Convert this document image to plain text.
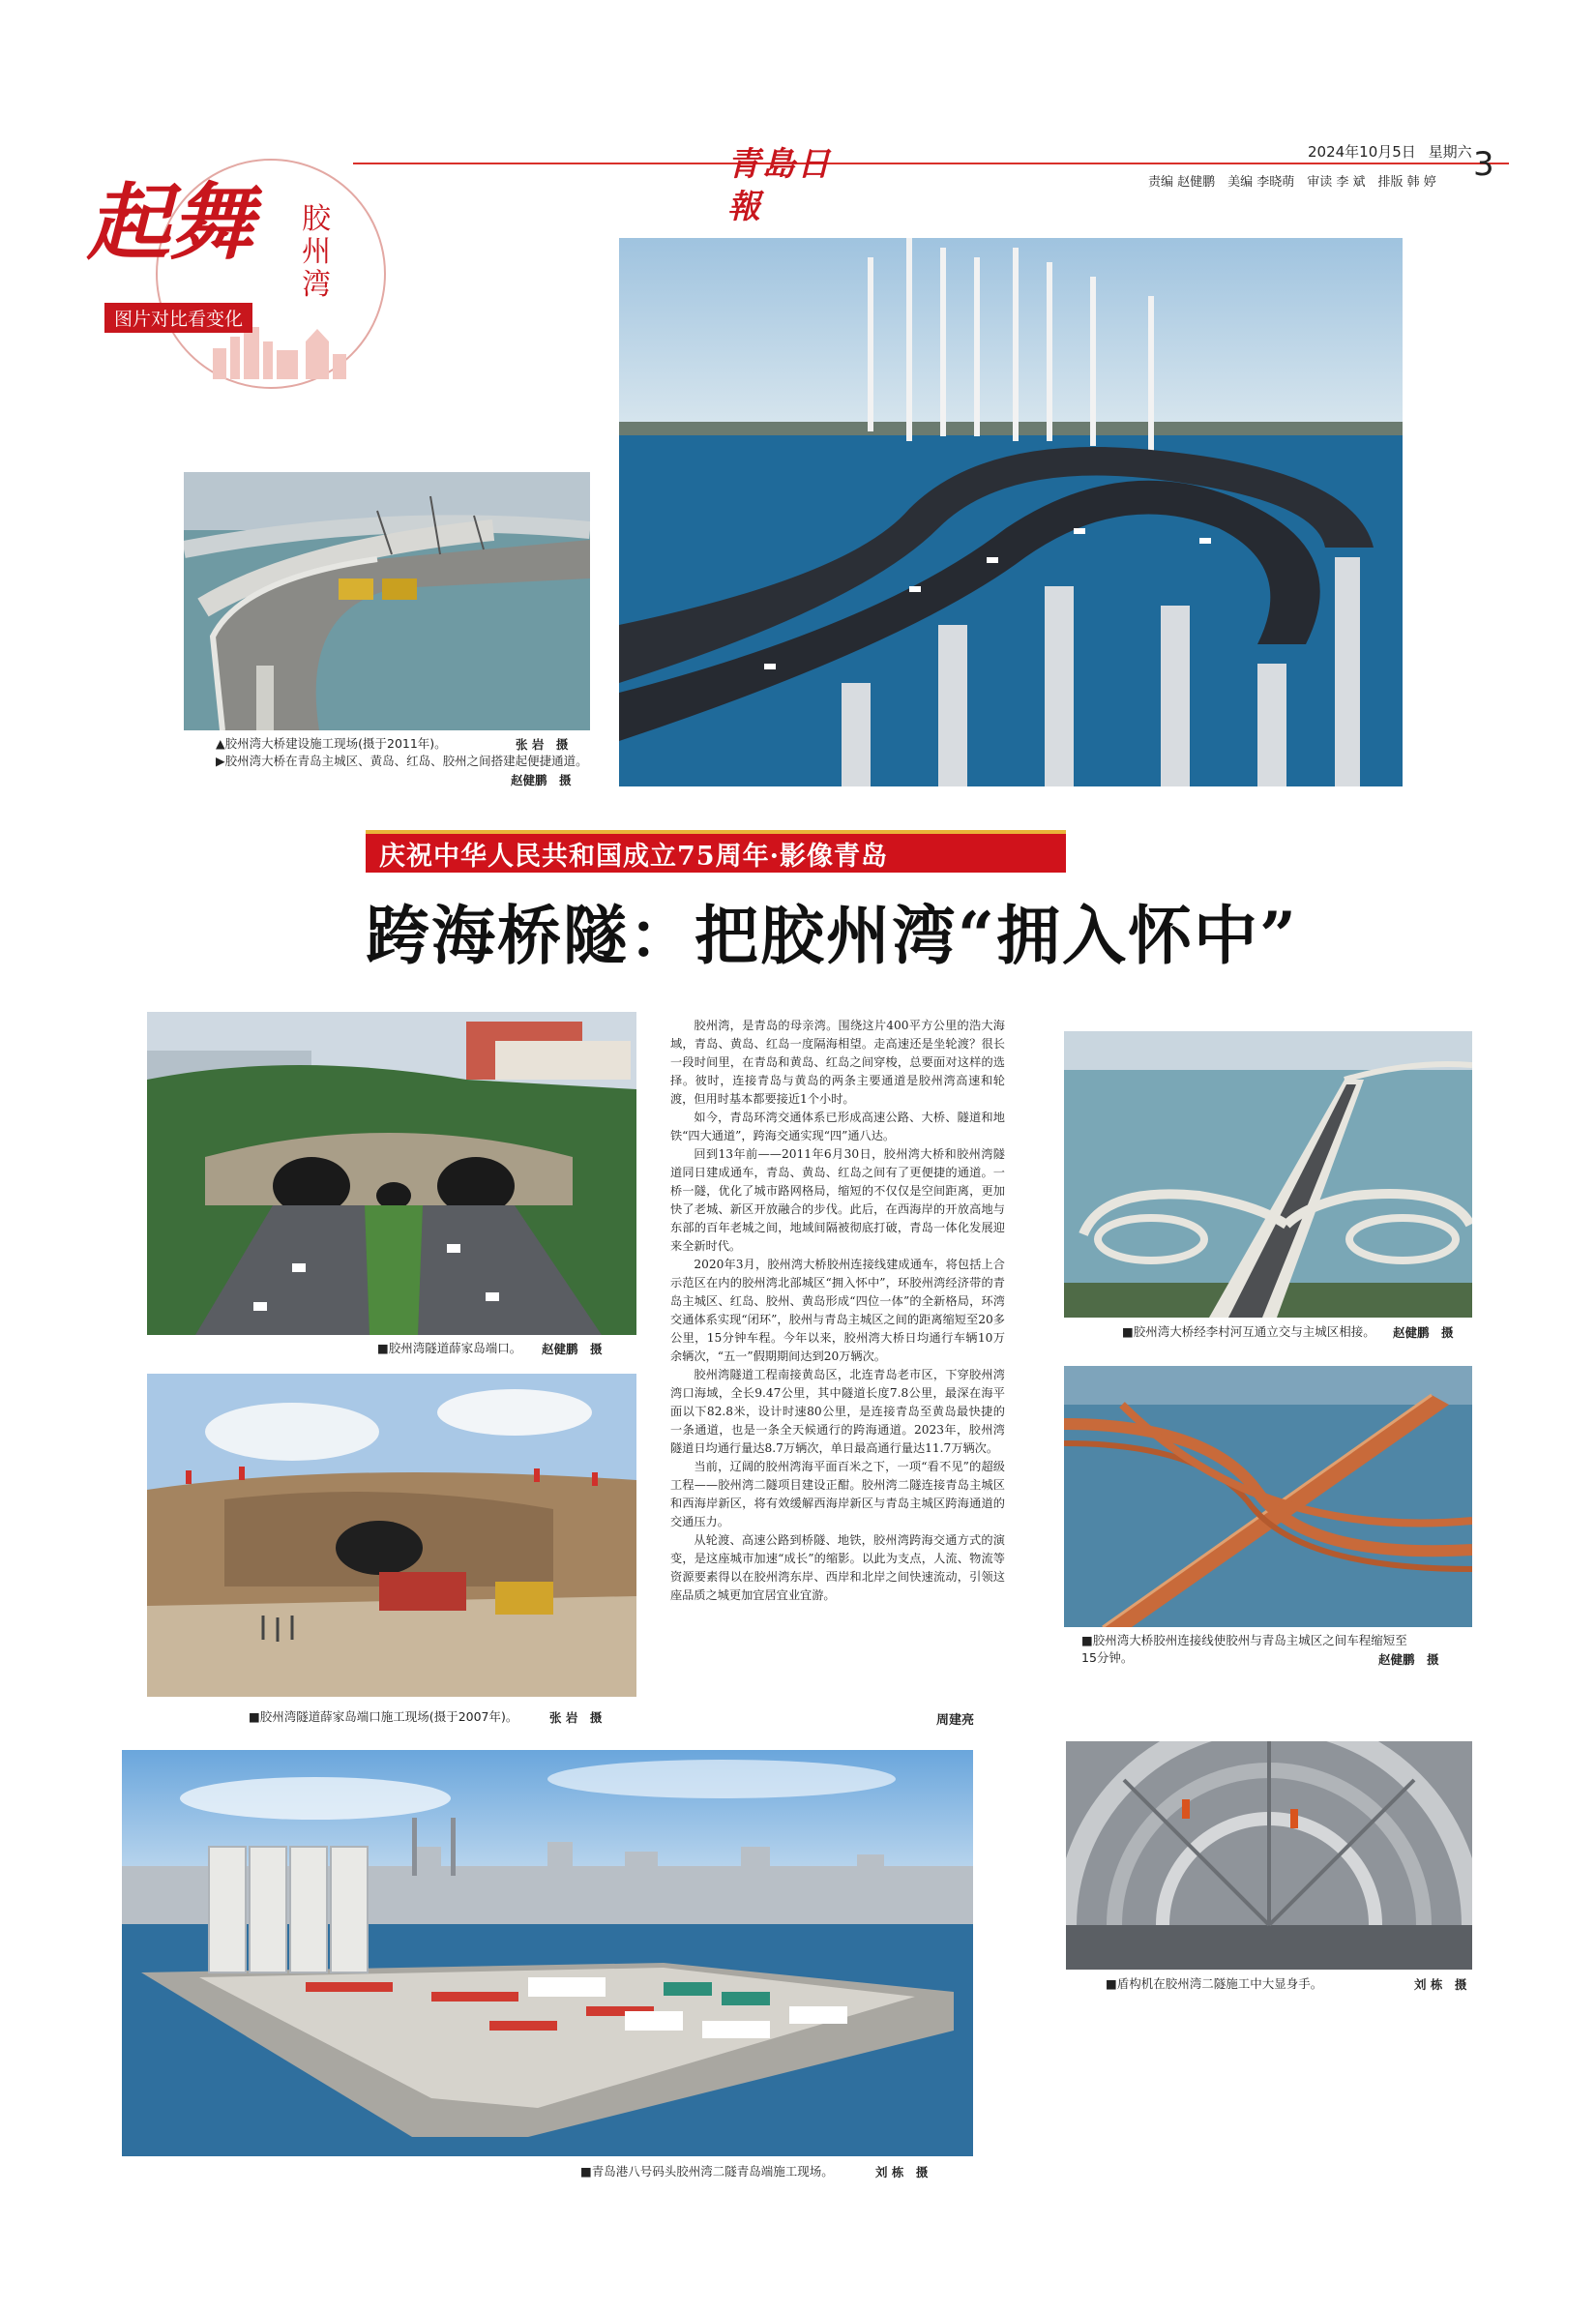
青島日報
2024年10月5日 星期六 3
责编 赵健鹏　美编 李晓萌　审读 李 斌　排版 韩 婷
起舞 胶州湾
图片对比看变化
▲胶州湾大桥建设施工现场(摄于2011年)。	张 岩　摄
▶胶州湾大桥在青岛主城区、黄岛、红岛、胶州之间搭建起便捷通道。
赵健鹏　摄
庆祝中华人民共和国成立75周年·影像青岛
跨海桥隧：把胶州湾“拥入怀中”
■胶州湾隧道薛家岛端口。 赵健鹏　摄
■胶州湾隧道薛家岛端口施工现场(摄于2007年)。	张 岩　摄

胶州湾，是青岛的母亲湾。围绕这片400平方公里的浩大海域，青岛、黄岛、红岛一度隔海相望。走高速还是坐轮渡？很长一段时间里，在青岛和黄岛、红岛之间穿梭，总要面对这样的选择。彼时，连接青岛与黄岛的两条主要通道是胶州湾高速和轮渡，但用时基本都要接近1个小时。

如今，青岛环湾交通体系已形成高速公路、大桥、隧道和地铁“四大通道”，跨海交通实现“四”通八达。

回到13年前——2011年6月30日，胶州湾大桥和胶州湾隧道同日建成通车，青岛、黄岛、红岛之间有了更便捷的通道。一桥一隧，优化了城市路网格局，缩短的不仅仅是空间距离，更加快了老城、新区开放融合的步伐。此后，在西海岸的开放高地与东部的百年老城之间，地域间隔被彻底打破，青岛一体化发展迎来全新时代。

2020年3月，胶州湾大桥胶州连接线建成通车，将包括上合示范区在内的胶州湾北部城区“拥入怀中”，环胶州湾经济带的青岛主城区、红岛、胶州、黄岛形成“四位一体”的全新格局，环湾交通体系实现“闭环”，胶州与青岛主城区之间的距离缩短至20多公里，15分钟车程。今年以来，胶州湾大桥日均通行车辆10万余辆次，“五一”假期期间达到20万辆次。

胶州湾隧道工程南接黄岛区，北连青岛老市区，下穿胶州湾湾口海域，全长9.47公里，其中隧道长度7.8公里，最深在海平面以下82.8米，设计时速80公里，是连接青岛至黄岛最快捷的一条通道，也是一条全天候通行的跨海通道。2023年，胶州湾隧道日均通行量达8.7万辆次，单日最高通行量达11.7万辆次。

当前，辽阔的胶州湾海平面百米之下，一项“看不见”的超级工程——胶州湾二隧项目建设正酣。胶州湾二隧连接青岛主城区和西海岸新区，将有效缓解西海岸新区与青岛主城区跨海通道的交通压力。

从轮渡、高速公路到桥隧、地铁，胶州湾跨海交通方式的演变，是这座城市加速“成长”的缩影。以此为支点，人流、物流等资源要素得以在胶州湾东岸、西岸和北岸之间快速流动，引领这座品质之城更加宜居宜业宜游。

周建亮
■胶州湾大桥经李村河互通立交与主城区相接。 赵健鹏　摄
■胶州湾大桥胶州连接线使胶州与青岛主城区之间车程缩短至
15分钟。	赵健鹏　摄
■盾构机在胶州湾二隧施工中大显身手。	刘 栋　摄
■青岛港八号码头胶州湾二隧青岛端施工现场。	刘 栋　摄
